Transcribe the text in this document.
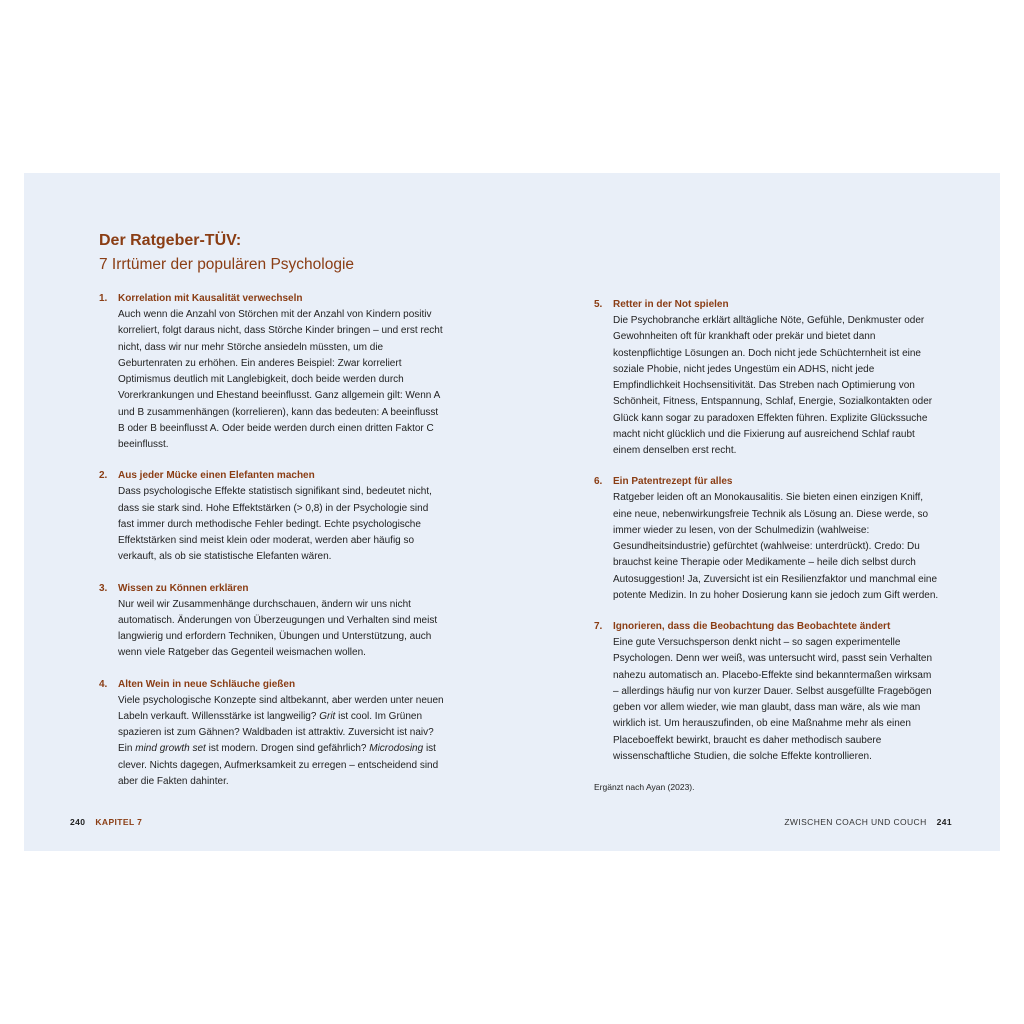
Der Ratgeber-TÜV:
7 Irrtümer der populären Psychologie
1. Korrelation mit Kausalität verwechseln
Auch wenn die Anzahl von Störchen mit der Anzahl von Kindern positiv korreliert, folgt daraus nicht, dass Störche Kinder bringen – und erst recht nicht, dass wir nur mehr Störche ansiedeln müssten, um die Geburtenraten zu erhöhen. Ein anderes Beispiel: Zwar korreliert Optimismus deutlich mit Langlebigkeit, doch beide werden durch Vorerkrankungen und Ehestand beeinflusst. Ganz allgemein gilt: Wenn A und B zusammenhängen (korrelieren), kann das bedeuten: A beeinflusst B oder B beeinflusst A. Oder beide werden durch einen dritten Faktor C beeinflusst.
2. Aus jeder Mücke einen Elefanten machen
Dass psychologische Effekte statistisch signifikant sind, bedeutet nicht, dass sie stark sind. Hohe Effektstärken (> 0,8) in der Psychologie sind fast immer durch methodische Fehler bedingt. Echte psychologische Effektstärken sind meist klein oder moderat, werden aber häufig so verkauft, als ob sie statistische Elefanten wären.
3. Wissen zu Können erklären
Nur weil wir Zusammenhänge durchschauen, ändern wir uns nicht automatisch. Änderungen von Überzeugungen und Verhalten sind meist langwierig und erfordern Techniken, Übungen und Unterstützung, auch wenn viele Ratgeber das Gegenteil weismachen wollen.
4. Alten Wein in neue Schläuche gießen
Viele psychologische Konzepte sind altbekannt, aber werden unter neuen Labeln verkauft. Willensstärke ist langweilig? Grit ist cool. Im Grünen spazieren ist zum Gähnen? Waldbaden ist attraktiv. Zuversicht ist naiv? Ein mind growth set ist modern. Drogen sind gefährlich? Microdosing ist clever. Nichts dagegen, Aufmerksamkeit zu erregen – entscheidend sind aber die Fakten dahinter.
5. Retter in der Not spielen
Die Psychobranche erklärt alltägliche Nöte, Gefühle, Denkmuster oder Gewohnheiten oft für krankhaft oder prekär und bietet dann kostenpflichtige Lösungen an. Doch nicht jede Schüchternheit ist eine soziale Phobie, nicht jedes Ungestüm ein ADHS, nicht jede Empfindlichkeit Hochsensitivität. Das Streben nach Optimierung von Schönheit, Fitness, Entspannung, Schlaf, Energie, Sozialkontakten oder Glück kann sogar zu paradoxen Effekten führen. Explizite Glückssuche macht nicht glücklich und die Fixierung auf ausreichend Schlaf raubt einem denselben erst recht.
6. Ein Patentrezept für alles
Ratgeber leiden oft an Monokausalitis. Sie bieten einen einzigen Kniff, eine neue, nebenwirkungsfreie Technik als Lösung an. Diese werde, so immer wieder zu lesen, von der Schulmedizin (wahlweise: Gesundheitsindustrie) gefürchtet (wahlweise: unterdrückt). Credo: Du brauchst keine Therapie oder Medikamente – heile dich selbst durch Autosuggestion! Ja, Zuversicht ist ein Resilienzfaktor und manchmal eine potente Medizin. In zu hoher Dosierung kann sie jedoch zum Gift werden.
7. Ignorieren, dass die Beobachtung das Beobachtete ändert
Eine gute Versuchsperson denkt nicht – so sagen experimentelle Psychologen. Denn wer weiß, was untersucht wird, passt sein Verhalten nahezu automatisch an. Placebo-Effekte sind bekanntermaßen wirksam – allerdings häufig nur von kurzer Dauer. Selbst ausgefüllte Fragebögen geben vor allem wieder, wie man glaubt, dass man wäre, als wie man wirklich ist. Um herauszufinden, ob eine Maßnahme mehr als einen Placeboeffekt bewirkt, braucht es daher methodisch saubere wissenschaftliche Studien, die solche Effekte kontrollieren.
Ergänzt nach Ayan (2023).
240 KAPITEL 7	ZWISCHEN COACH UND COUCH 241
